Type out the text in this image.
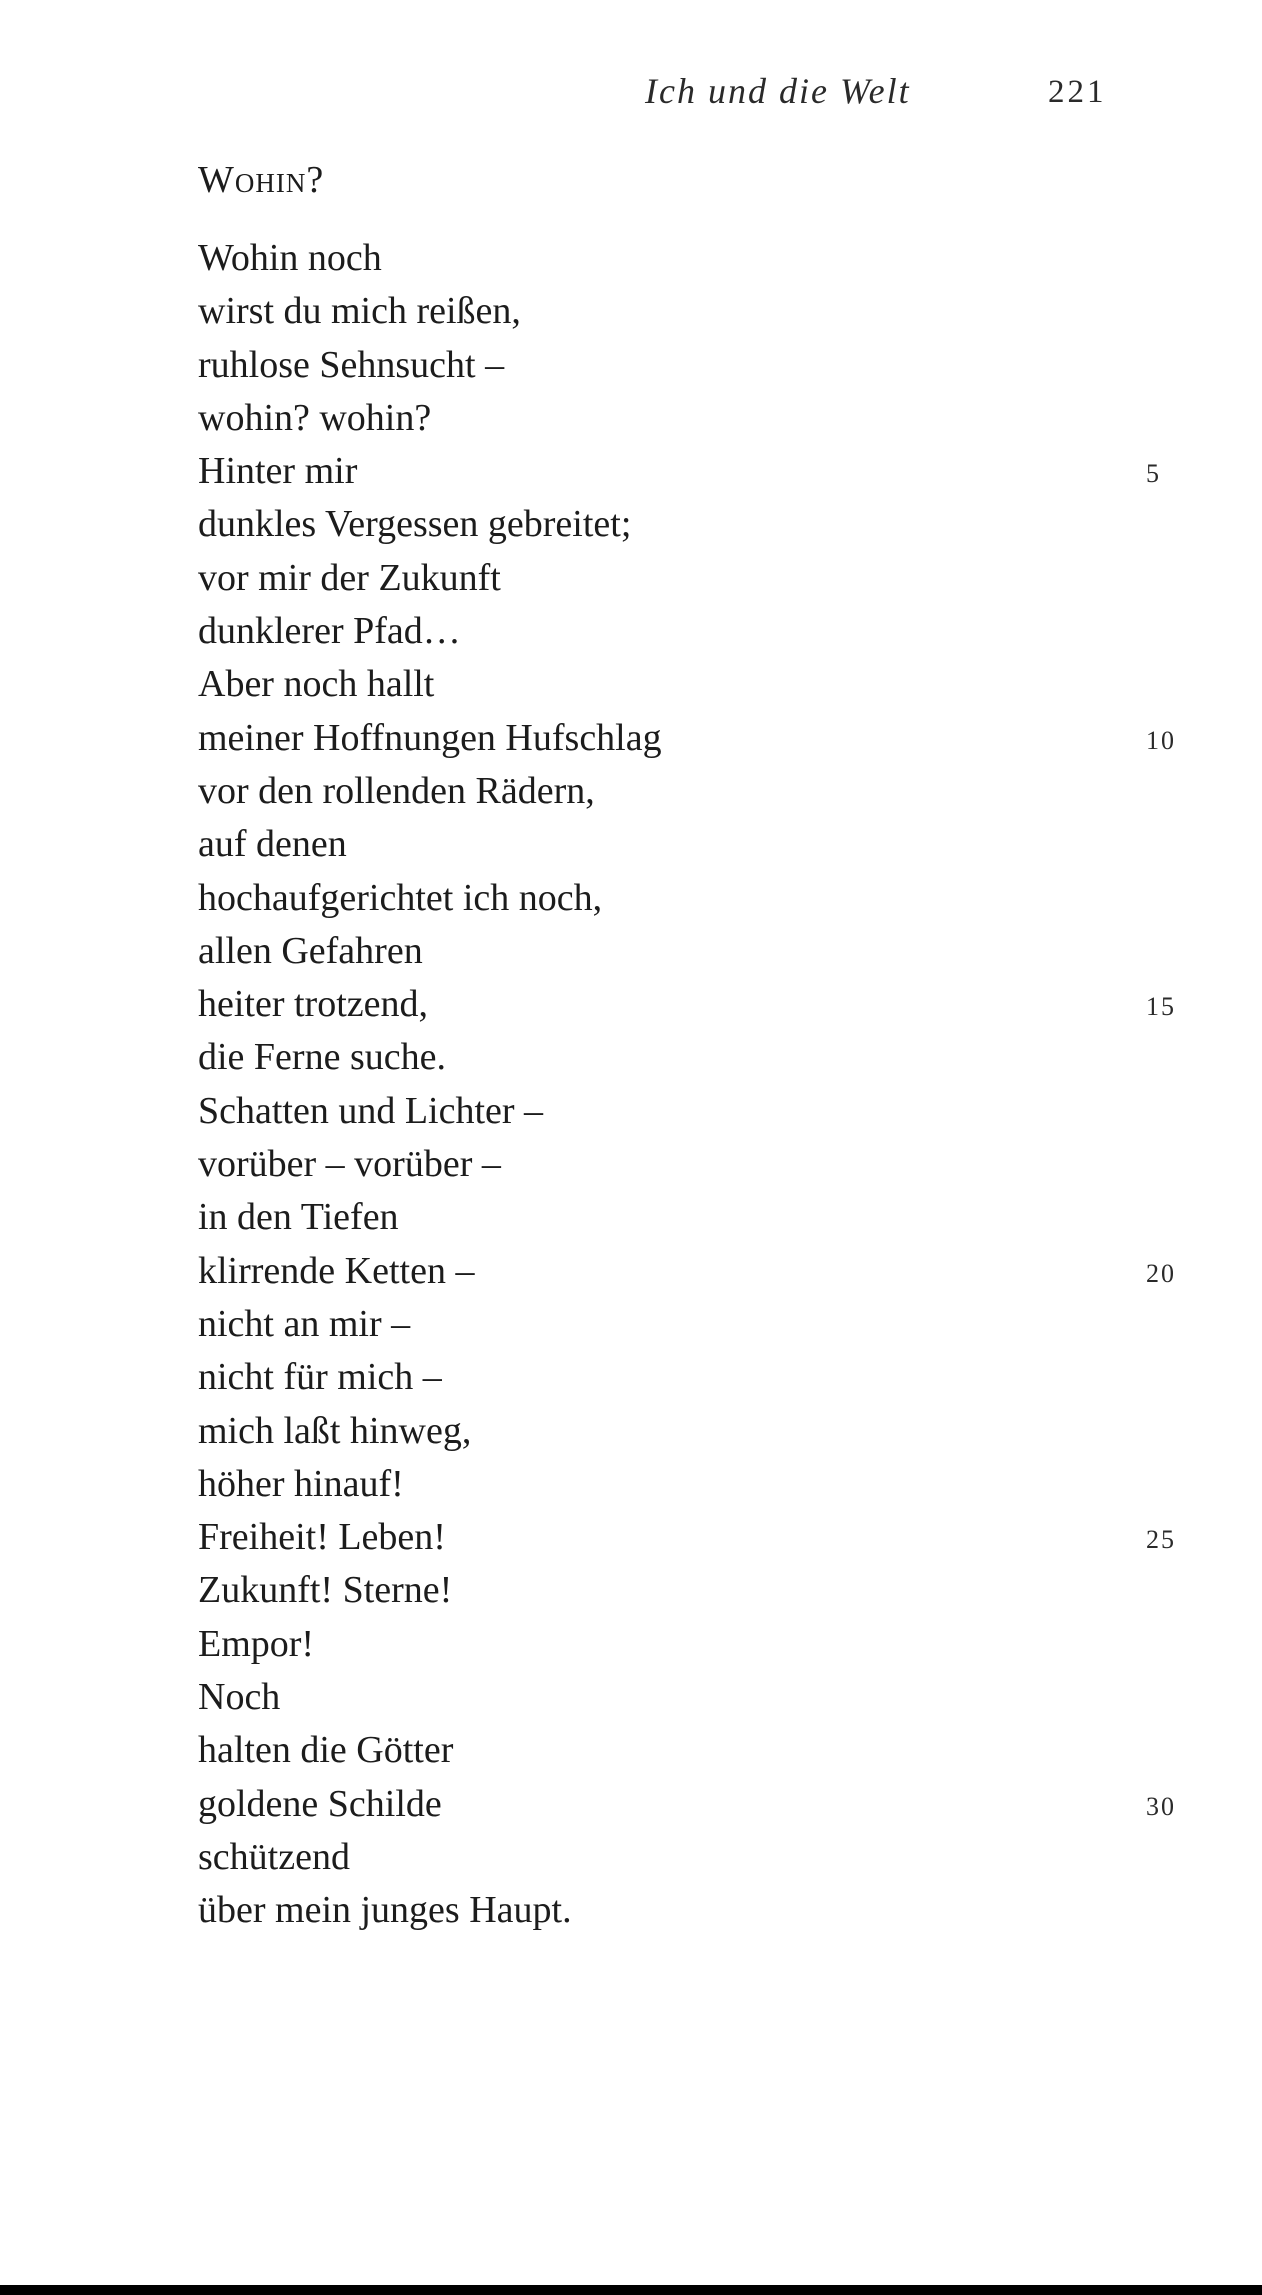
Ich und die Welt	221
Wohin?
Wohin noch
wirst du mich reißen,
ruhlose Sehnsucht –
wohin? wohin?
Hinter mir	5
dunkles Vergessen gebreitet;
vor mir der Zukunft
dunklerer Pfad…
Aber noch hallt
meiner Hoffnungen Hufschlag	10
vor den rollenden Rädern,
auf denen
hochaufgerichtet ich noch,
allen Gefahren
heiter trotzend,	15
die Ferne suche.
Schatten und Lichter –
vorüber – vorüber –
in den Tiefen
klirrende Ketten –	20
nicht an mir –
nicht für mich –
mich laßt hinweg,
höher hinauf!
Freiheit! Leben!	25
Zukunft! Sterne!
Empor!
Noch
halten die Götter
goldene Schilde	30
schützend
über mein junges Haupt.
